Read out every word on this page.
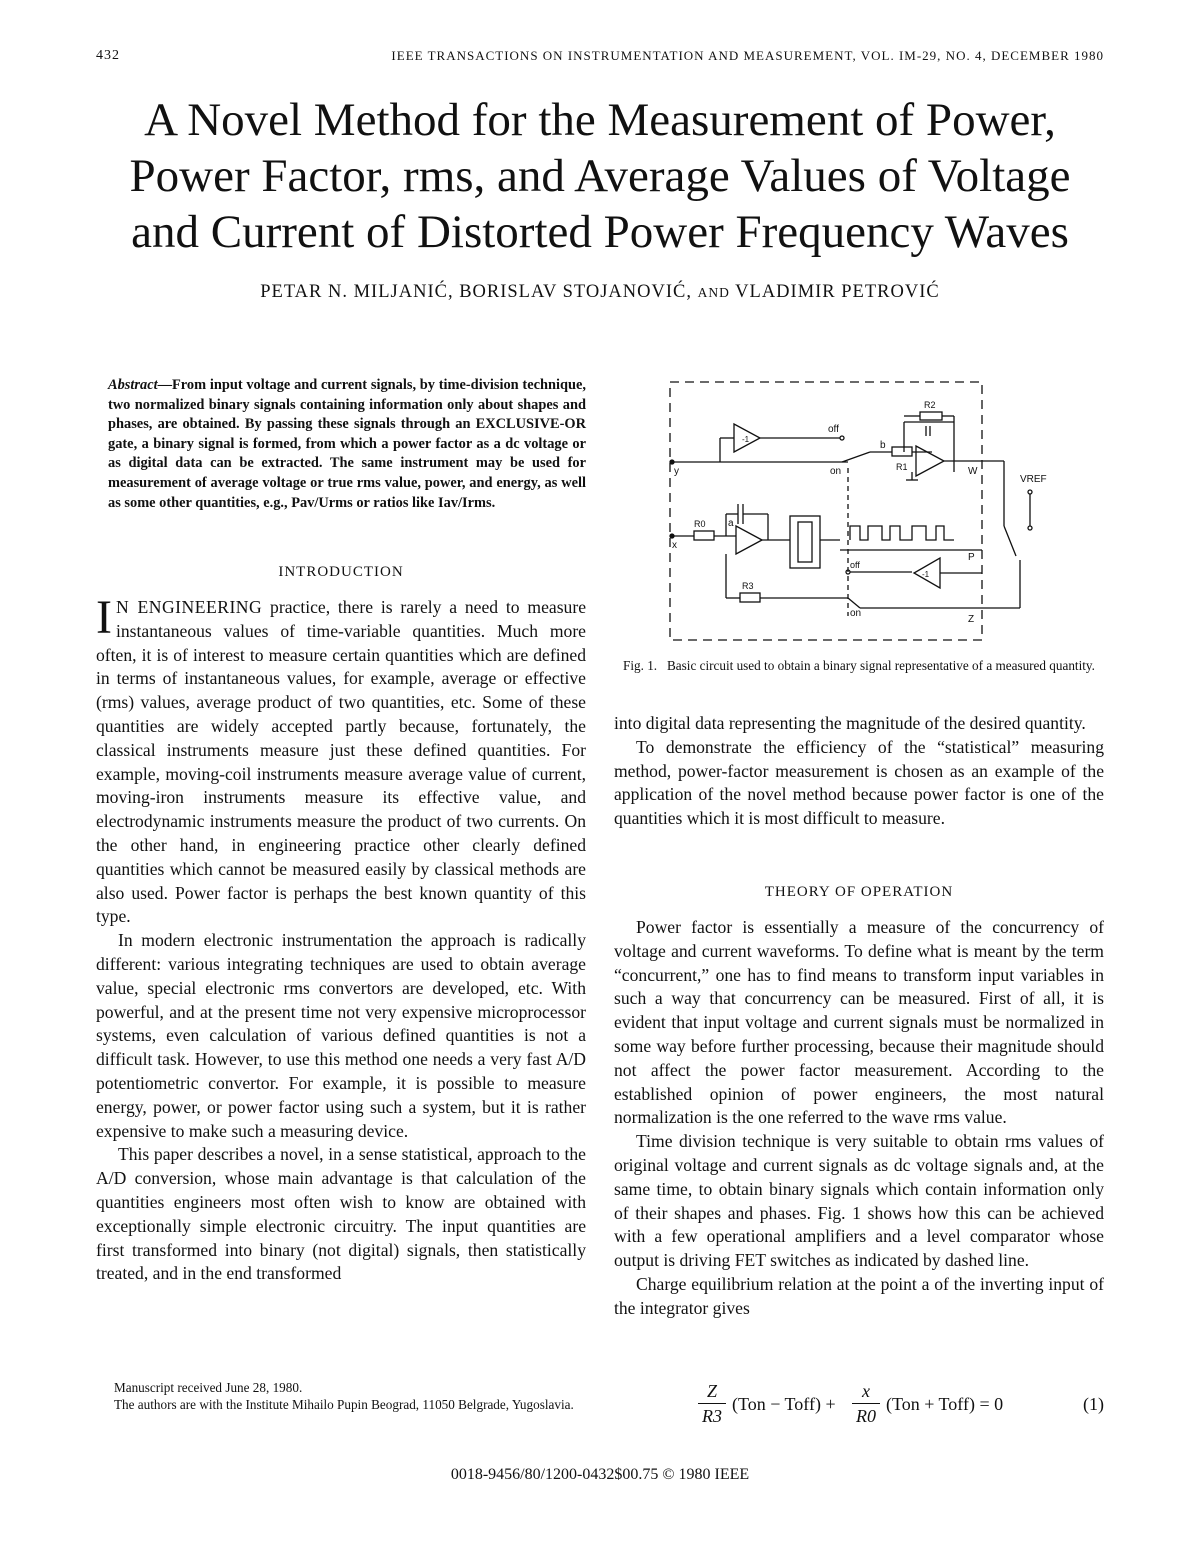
432	IEEE TRANSACTIONS ON INSTRUMENTATION AND MEASUREMENT, VOL. IM-29, NO. 4, DECEMBER 1980
A Novel Method for the Measurement of Power,
Power Factor, rms, and Average Values of Voltage
and Current of Distorted Power Frequency Waves
PETAR N. MILJANIĆ, BORISLAV STOJANOVIĆ, AND VLADIMIR PETROVIĆ
Abstract—From input voltage and current signals, by time-division technique, two normalized binary signals containing information only about shapes and phases, are obtained. By passing these signals through an EXCLUSIVE-OR gate, a binary signal is formed, from which a power factor as a dc voltage or as digital data can be extracted. The same instrument may be used for measurement of average voltage or true rms value, power, and energy, as well as some other quantities, e.g., Pav/Urms or ratios like Iav/Irms.
INTRODUCTION

I N ENGINEERING practice, there is rarely a need to measure instantaneous values of time-variable quantities. Much more often, it is of interest to measure certain quantities which are defined in terms of instantaneous values, for example, average or effective (rms) values, average product of two quantities, etc. Some of these quantities are widely accepted partly because, fortunately, the classical instruments measure just these defined quantities. For example, moving-coil instruments measure average value of current, moving-iron instruments measure its effective value, and electrodynamic instruments measure the product of two currents. On the other hand, in engineering practice other clearly defined quantities which cannot be measured easily by classical methods are also used. Power factor is perhaps the best known quantity of this type.

In modern electronic instrumentation the approach is radically different: various integrating techniques are used to obtain average value, special electronic rms convertors are developed, etc. With powerful, and at the present time not very expensive microprocessor systems, even calculation of various defined quantities is not a difficult task. However, to use this method one needs a very fast A/D potentiometric convertor. For example, it is possible to measure energy, power, or power factor using such a system, but it is rather expensive to make such a measuring device.

This paper describes a novel, in a sense statistical, approach to the A/D conversion, whose main advantage is that calculation of the quantities engineers most often wish to know are obtained with exceptionally simple electronic circuitry. The input quantities are first transformed into binary (not digital) signals, then statistically treated, and in the end transformed

Manuscript received June 28, 1980.

The authors are with the Institute Mihailo Pupin Beograd, 11050 Belgrade, Yugoslavia.

-1
off
on
b
R1
R2
W
VREF
y
x
R0 a
R3
P
off
on
Z
-1
Fig. 1. Basic circuit used to obtain a binary signal representative of a measured quantity.

into digital data representing the magnitude of the desired quantity.

To demonstrate the efficiency of the “statistical” measuring method, power-factor measurement is chosen as an example of the application of the novel method because power factor is one of the quantities which it is most difficult to measure.

THEORY OF OPERATION

Power factor is essentially a measure of the concurrency of voltage and current waveforms. To define what is meant by the term “concurrent,” one has to find means to transform input variables in such a way that concurrency can be measured. First of all, it is evident that input voltage and current signals must be normalized in some way before further processing, because their magnitude should not affect the power factor measurement. According to the established opinion of power engineers, the most natural normalization is the one referred to the wave rms value.

Time division technique is very suitable to obtain rms values of original voltage and current signals as dc voltage signals and, at the same time, to obtain binary signals which contain information only of their shapes and phases. Fig. 1 shows how this can be achieved with a few operational amplifiers and a level comparator whose output is driving FET switches as indicated by dashed line.

Charge equilibrium relation at the point a of the inverting input of the integrator gives

Z
R3
(Ton − Toff) +
x
R0
(Ton + Toff) = 0	(1)
0018-9456/80/1200-0432$00.75 © 1980 IEEE
